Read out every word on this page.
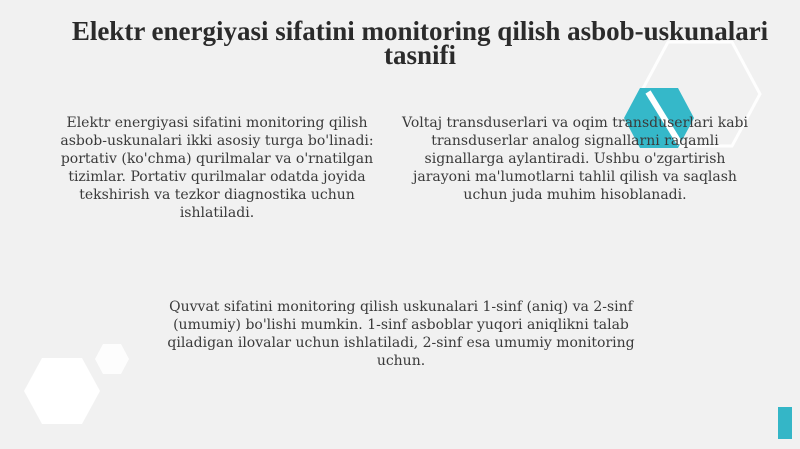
Elektr energiyasi sifatini monitoring qilish asbob-uskunalari tasnifi
Elektr energiyasi sifatini monitoring qilish asbob-uskunalari ikki asosiy turga bo'linadi: portativ (ko'chma) qurilmalar va o'rnatilgan tizimlar. Portativ qurilmalar odatda joyida tekshirish va tezkor diagnostika uchun ishlatiladi.
Voltaj transduserlari va oqim transduserlari kabi transduserlar analog signallarni raqamli signallarga aylantiradi. Ushbu o'zgartirish jarayoni ma'lumotlarni tahlil qilish va saqlash uchun juda muhim hisoblanadi.
Quvvat sifatini monitoring qilish uskunalari 1-sinf (aniq) va 2-sinf (umumiy) bo'lishi mumkin. 1-sinf asboblar yuqori aniqlikni talab qiladigan ilovalar uchun ishlatiladi, 2-sinf esa umumiy monitoring uchun.
